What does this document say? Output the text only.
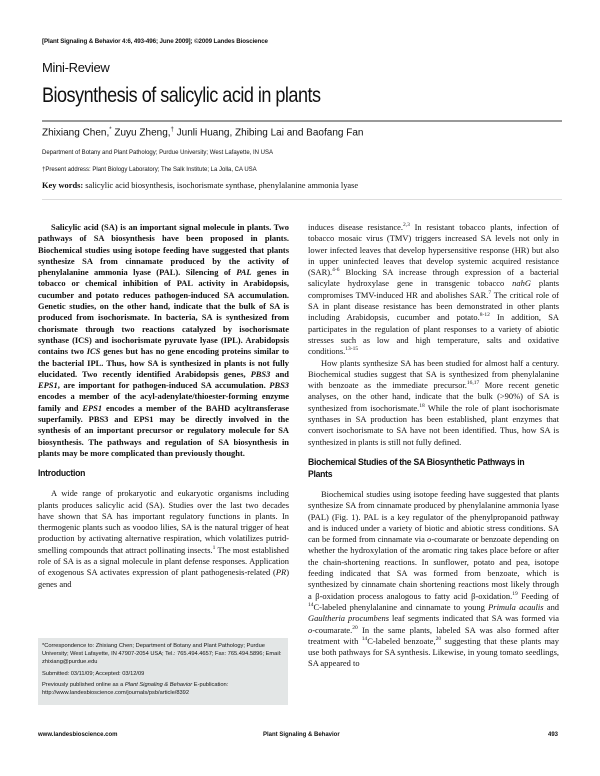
[Plant Signaling & Behavior 4:6, 493-496; June 2009]; ©2009 Landes Bioscience
Mini-Review
Biosynthesis of salicylic acid in plants
Zhixiang Chen,* Zuyu Zheng,† Junli Huang, Zhibing Lai and Baofang Fan
Department of Botany and Plant Pathology; Purdue University; West Lafayette, IN USA
†Present address: Plant Biology Laboratory; The Salk Institute; La Jolla, CA USA
Key words: salicylic acid biosynthesis, isochorismate synthase, phenylalanine ammonia lyase

Salicylic acid (SA) is an important signal molecule in plants. Two pathways of SA biosynthesis have been proposed in plants. Biochemical studies using isotope feeding have suggested that plants synthesize SA from cinnamate produced by the activity of phenylalanine ammonia lyase (PAL). Silencing of PAL genes in tobacco or chemical inhibition of PAL activity in Arabidopsis, cucumber and potato reduces pathogen-induced SA accumulation. Genetic studies, on the other hand, indicate that the bulk of SA is produced from isochorismate. In bacteria, SA is synthesized from chorismate through two reactions catalyzed by isochorismate synthase (ICS) and isochorismate pyruvate lyase (IPL). Arabidopsis contains two ICS genes but has no gene encoding proteins similar to the bacterial IPL. Thus, how SA is synthesized in plants is not fully elucidated. Two recently identified Arabidopsis genes, PBS3 and EPS1, are important for pathogen-induced SA accumulation. PBS3 encodes a member of the acyl-adenylate/thioester-forming enzyme family and EPS1 encodes a member of the BAHD acyltransferase superfamily. PBS3 and EPS1 may be directly involved in the synthesis of an important precursor or regulatory molecule for SA biosynthesis. The pathways and regulation of SA biosynthesis in plants may be more complicated than previously thought.

Introduction

A wide range of prokaryotic and eukaryotic organisms including plants produces salicylic acid (SA). Studies over the last two decades have shown that SA has important regulatory functions in plants. In thermogenic plants such as voodoo lilies, SA is the natural trigger of heat production by activating alternative respiration, which volatilizes putrid-smelling compounds that attract pollinating insects.$^1$ The most established role of SA is as a signal molecule in plant defense responses. Application of exogenous SA activates expression of plant pathogenesis-related (PR) genes and

induces disease resistance.$^{2,3}$ In resistant tobacco plants, infection of tobacco mosaic virus (TMV) triggers increased SA levels not only in lower infected leaves that develop hypersensitive response (HR) but also in upper uninfected leaves that develop systemic acquired resistance (SAR).$^{4-6}$ Blocking SA increase through expression of a bacterial salicylate hydroxylase gene in transgenic tobacco nahG plants compromises TMV-induced HR and abolishes SAR.$^7$ The critical role of SA in plant disease resistance has been demonstrated in other plants including Arabidopsis, cucumber and potato.$^{8-12}$ In addition, SA participates in the regulation of plant responses to a variety of abiotic stresses such as low and high temperature, salts and oxidative conditions.$^{13-15}$

How plants synthesize SA has been studied for almost half a century. Biochemical studies suggest that SA is synthesized from phenylalanine with benzoate as the immediate precursor.$^{16,17}$ More recent genetic analyses, on the other hand, indicate that the bulk (>90%) of SA is synthesized from isochorismate.$^{18}$ While the role of plant isochorismate synthases in SA production has been established, plant enzymes that convert isochorismate to SA have not been identified. Thus, how SA is synthesized in plants is still not fully defined.

Biochemical Studies of the SA Biosynthetic Pathways in Plants

Biochemical studies using isotope feeding have suggested that plants synthesize SA from cinnamate produced by phenylalanine ammonia lyase (PAL) (Fig. 1). PAL is a key regulator of the phenylpropanoid pathway and is induced under a variety of biotic and abiotic stress conditions. SA can be formed from cinnamate via o-coumarate or benzoate depending on whether the hydroxylation of the aromatic ring takes place before or after the chain-shortening reactions. In sunflower, potato and pea, isotope feeding indicated that SA was formed from benzoate, which is synthesized by cinnamate chain shortening reactions most likely through a β-oxidation process analogous to fatty acid β-oxidation.$^{19}$ Feeding of $^{14}$C-labeled phenylalanine and cinnamate to young Primula acaulis and Gaultheria procumbens leaf segments indicated that SA was formed via o-coumarate.$^{20}$ In the same plants, labeled SA was also formed after treatment with $^{14}$C-labeled benzoate,$^{20}$ suggesting that these plants may use both pathways for SA synthesis. Likewise, in young tomato seedlings, SA appeared to

*Correspondence to: Zhixiang Chen; Department of Botany and Plant Pathology; Purdue University; West Lafayette, IN 47907-2054 USA; Tel.: 765.494.4657; Fax: 765.494.5896; Email: zhixiang@purdue.edu
Submitted: 03/11/09; Accepted: 03/12/09
Previously published online as a Plant Signaling & Behavior E-publication:
http://www.landesbioscience.com/journals/psb/article/8392
www.landesbioscience.com	Plant Signaling & Behavior	493
